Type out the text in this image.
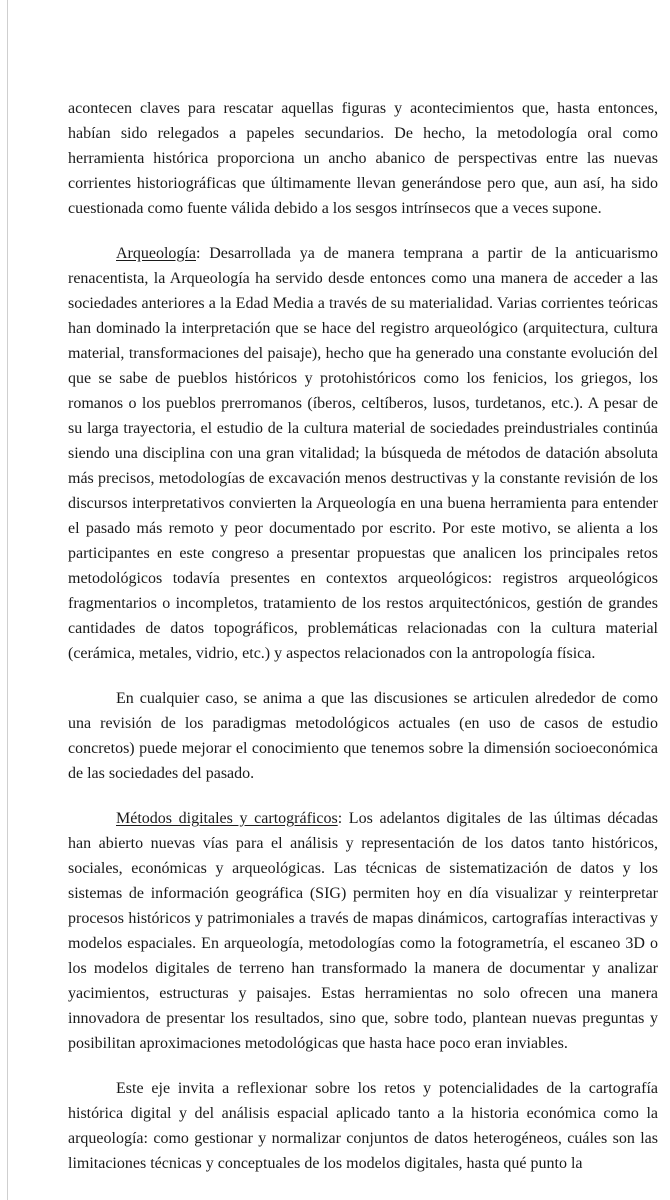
acontecen claves para rescatar aquellas figuras y acontecimientos que, hasta entonces, habían sido relegados a papeles secundarios. De hecho, la metodología oral como herramienta histórica proporciona un ancho abanico de perspectivas entre las nuevas corrientes historiográficas que últimamente llevan generándose pero que, aun así, ha sido cuestionada como fuente válida debido a los sesgos intrínsecos que a veces supone.

Arqueología: Desarrollada ya de manera temprana a partir de la anticuarismo renacentista, la Arqueología ha servido desde entonces como una manera de acceder a las sociedades anteriores a la Edad Media a través de su materialidad. Varias corrientes teóricas han dominado la interpretación que se hace del registro arqueológico (arquitectura, cultura material, transformaciones del paisaje), hecho que ha generado una constante evolución del que se sabe de pueblos históricos y protohistóricos como los fenicios, los griegos, los romanos o los pueblos prerromanos (íberos, celtíberos, lusos, turdetanos, etc.). A pesar de su larga trayectoria, el estudio de la cultura material de sociedades preindustriales continúa siendo una disciplina con una gran vitalidad; la búsqueda de métodos de datación absoluta más precisos, metodologías de excavación menos destructivas y la constante revisión de los discursos interpretativos convierten la Arqueología en una buena herramienta para entender el pasado más remoto y peor documentado por escrito. Por este motivo, se alienta a los participantes en este congreso a presentar propuestas que analicen los principales retos metodológicos todavía presentes en contextos arqueológicos: registros arqueológicos fragmentarios o incompletos, tratamiento de los restos arquitectónicos, gestión de grandes cantidades de datos topográficos, problemáticas relacionadas con la cultura material (cerámica, metales, vidrio, etc.) y aspectos relacionados con la antropología física.

En cualquier caso, se anima a que las discusiones se articulen alrededor de como una revisión de los paradigmas metodológicos actuales (en uso de casos de estudio concretos) puede mejorar el conocimiento que tenemos sobre la dimensión socioeconómica de las sociedades del pasado.

Métodos digitales y cartográficos: Los adelantos digitales de las últimas décadas han abierto nuevas vías para el análisis y representación de los datos tanto históricos, sociales, económicas y arqueológicas. Las técnicas de sistematización de datos y los sistemas de información geográfica (SIG) permiten hoy en día visualizar y reinterpretar procesos históricos y patrimoniales a través de mapas dinámicos, cartografías interactivas y modelos espaciales. En arqueología, metodologías como la fotogrametría, el escaneo 3D o los modelos digitales de terreno han transformado la manera de documentar y analizar yacimientos, estructuras y paisajes. Estas herramientas no solo ofrecen una manera innovadora de presentar los resultados, sino que, sobre todo, plantean nuevas preguntas y posibilitan aproximaciones metodológicas que hasta hace poco eran inviables.

Este eje invita a reflexionar sobre los retos y potencialidades de la cartografía histórica digital y del análisis espacial aplicado tanto a la historia económica como la arqueología: como gestionar y normalizar conjuntos de datos heterogéneos, cuáles son las limitaciones técnicas y conceptuales de los modelos digitales, hasta qué punto la
